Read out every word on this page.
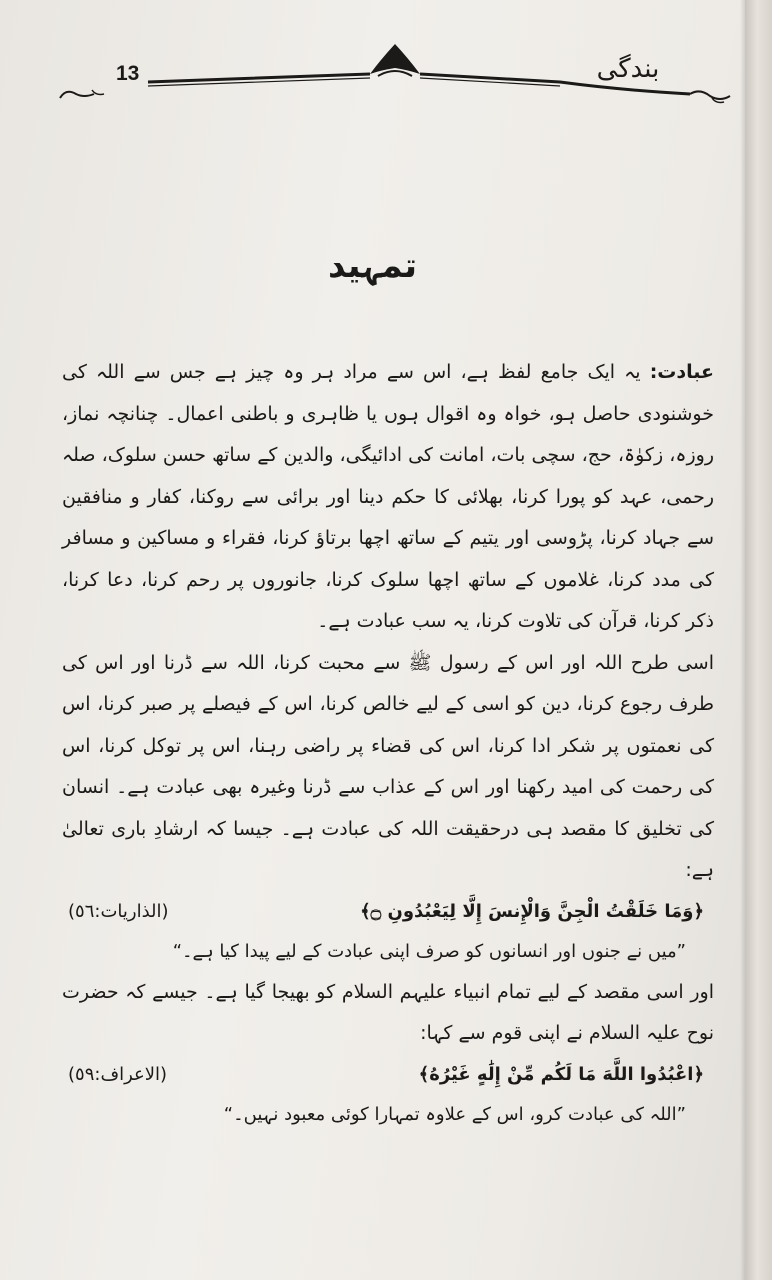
13	بندگی
تمہید

عبادت: یہ ایک جامع لفظ ہے، اس سے مراد ہر وہ چیز ہے جس سے اللہ کی خوشنودی حاصل ہو، خواہ وہ اقوال ہوں یا ظاہری و باطنی اعمال۔ چنانچہ نماز، روزہ، زکوٰۃ، حج، سچی بات، امانت کی ادائیگی، والدین کے ساتھ حسن سلوک، صلہ رحمی، عہد کو پورا کرنا، بھلائی کا حکم دینا اور برائی سے روکنا، کفار و منافقین سے جہاد کرنا، پڑوسی اور یتیم کے ساتھ اچھا برتاؤ کرنا، فقراء و مساکین و مسافر کی مدد کرنا، غلاموں کے ساتھ اچھا سلوک کرنا، جانوروں پر رحم کرنا، دعا کرنا، ذکر کرنا، قرآن کی تلاوت کرنا، یہ سب عبادت ہے۔

اسی طرح اللہ اور اس کے رسول ﷺ سے محبت کرنا، اللہ سے ڈرنا اور اس کی طرف رجوع کرنا، دین کو اسی کے لیے خالص کرنا، اس کے فیصلے پر صبر کرنا، اس کی نعمتوں پر شکر ادا کرنا، اس کی قضاء پر راضی رہنا، اس پر توکل کرنا، اس کی رحمت کی امید رکھنا اور اس کے عذاب سے ڈرنا وغیرہ بھی عبادت ہے۔ انسان کی تخلیق کا مقصد ہی درحقیقت اللہ کی عبادت ہے۔ جیسا کہ ارشادِ باری تعالیٰ ہے:

﴿وَمَا خَلَقْتُ الْجِنَّ وَالْإِنسَ إِلَّا لِيَعْبُدُونِ ۝﴾
(الذاریات:٥٦)
”میں نے جنوں اور انسانوں کو صرف اپنی عبادت کے لیے پیدا کیا ہے۔“

اور اسی مقصد کے لیے تمام انبیاء علیہم السلام کو بھیجا گیا ہے۔ جیسے کہ حضرت نوح علیہ السلام نے اپنی قوم سے کہا:

﴿اعْبُدُوا اللَّهَ مَا لَكُم مِّنْ إِلَٰهٍ غَيْرُهُ﴾
(الاعراف:٥٩)
”اللہ کی عبادت کرو، اس کے علاوہ تمہارا کوئی معبود نہیں۔“
